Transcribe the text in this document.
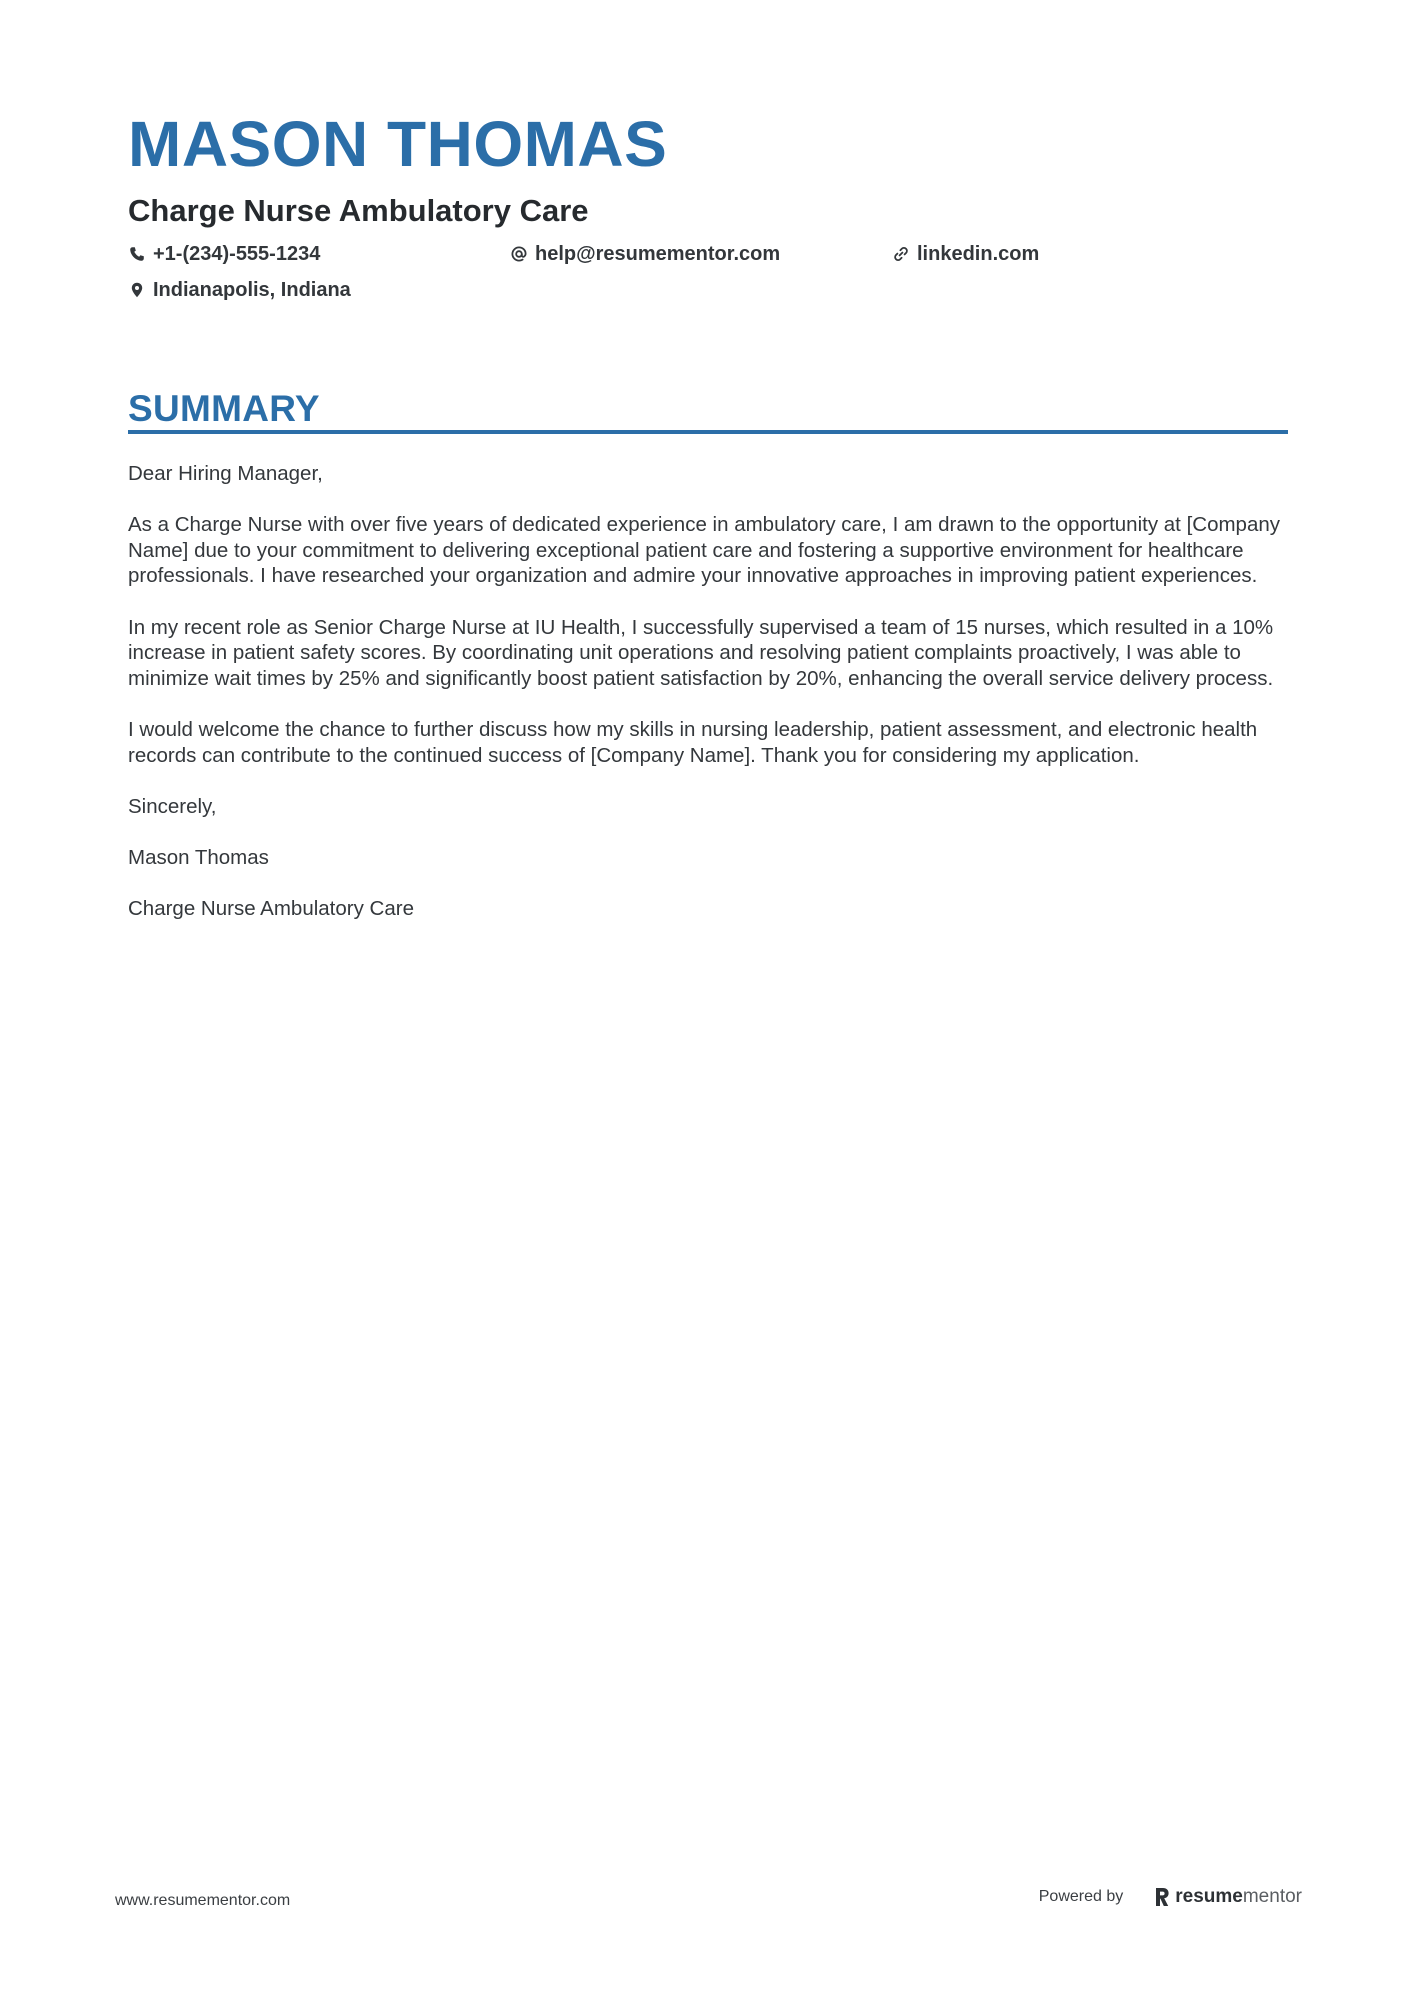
MASON THOMAS
Charge Nurse Ambulatory Care
+1-(234)-555-1234	help@resumementor.com	linkedin.com
Indianapolis, Indiana
SUMMARY

Dear Hiring Manager,

As a Charge Nurse with over five years of dedicated experience in ambulatory care, I am drawn to the opportunity at [Company Name] due to your commitment to delivering exceptional patient care and fostering a supportive environment for healthcare professionals. I have researched your organization and admire your innovative approaches in improving patient experiences.

In my recent role as Senior Charge Nurse at IU Health, I successfully supervised a team of 15 nurses, which resulted in a 10% increase in patient safety scores. By coordinating unit operations and resolving patient complaints proactively, I was able to minimize wait times by 25% and significantly boost patient satisfaction by 20%, enhancing the overall service delivery process.

I would welcome the chance to further discuss how my skills in nursing leadership, patient assessment, and electronic health records can contribute to the continued success of [Company Name]. Thank you for considering my application.

Sincerely,

Mason Thomas

Charge Nurse Ambulatory Care

www.resumementor.com	Powered by	resume mentor
